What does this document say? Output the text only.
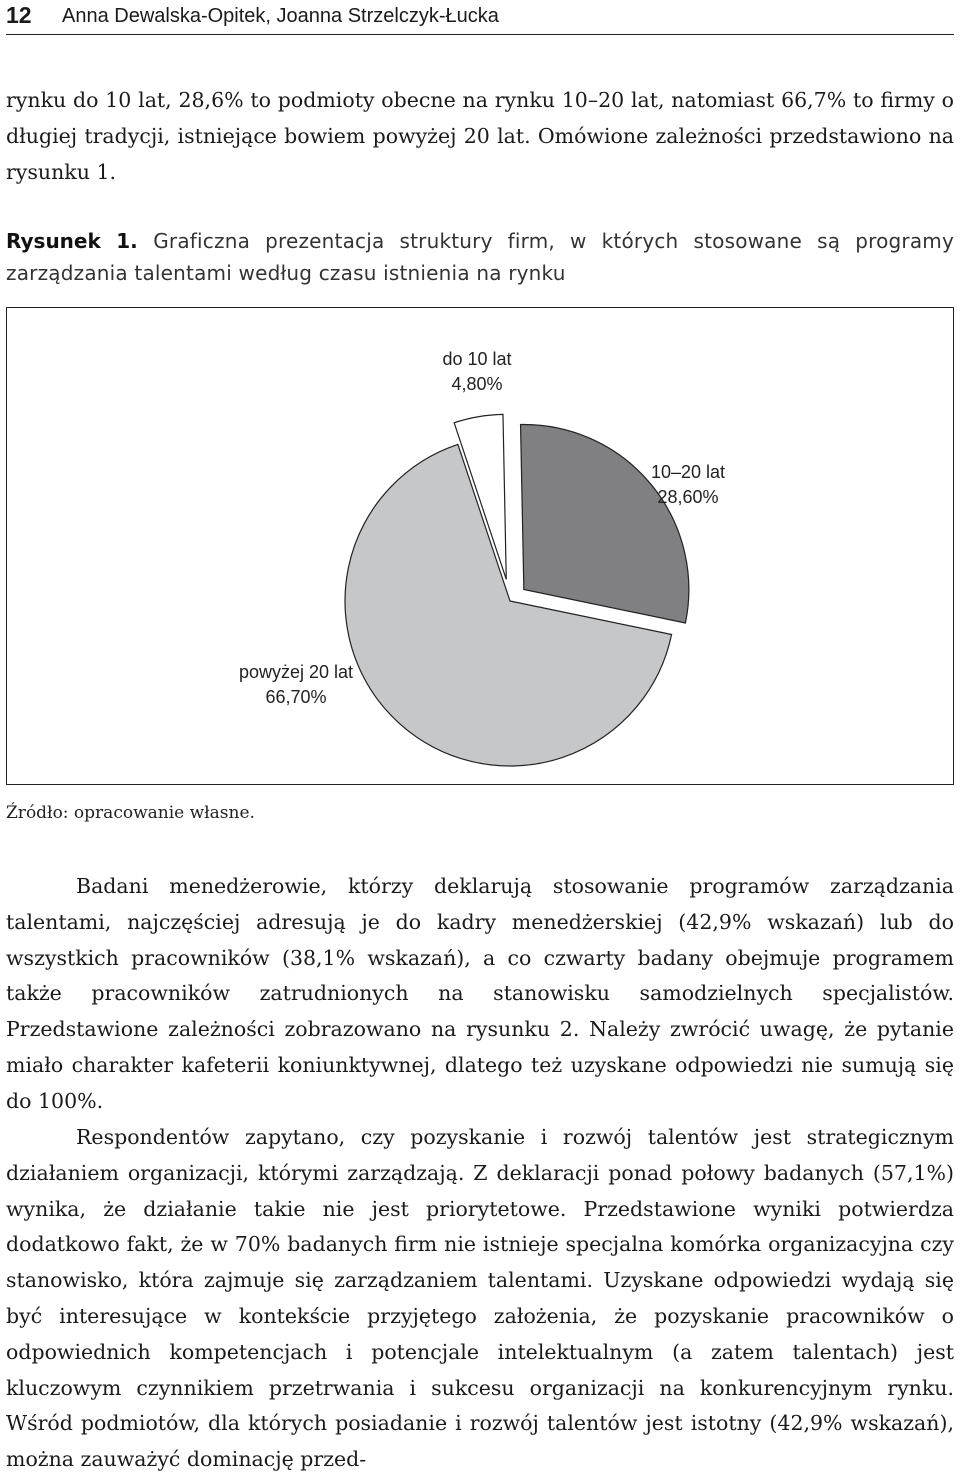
12 Anna Dewalska-Opitek, Joanna Strzelczyk-Łucka

rynku do 10 lat, 28,6% to podmioty obecne na rynku 10–20 lat, natomiast 66,7% to firmy o długiej tradycji, istniejące bowiem powyżej 20 lat. Omówione zależności przedstawiono na rysunku 1.

Rysunek 1. Graficzna prezentacja struktury firm, w których stosowane są programy zarządzania talentami według czasu istnienia na rynku

do 10 lat
4,80%
10–20 lat
28,60%
powyżej 20 lat
66,70%

Źródło: opracowanie własne.

Badani menedżerowie, którzy deklarują stosowanie programów zarządzania talentami, najczęściej adresują je do kadry menedżerskiej (42,9% wskazań) lub do wszystkich pracowników (38,1% wskazań), a co czwarty badany obejmuje programem także pracowników zatrudnionych na stanowisku samodzielnych specjalistów. Przedstawione zależności zobrazowano na rysunku 2. Należy zwrócić uwagę, że pytanie miało charakter kafeterii koniunktywnej, dlatego też uzyskane odpowiedzi nie sumują się do 100%.

Respondentów zapytano, czy pozyskanie i rozwój talentów jest strategicznym działaniem organizacji, którymi zarządzają. Z deklaracji ponad połowy badanych (57,1%) wynika, że działanie takie nie jest priorytetowe. Przedstawione wyniki potwierdza dodatkowo fakt, że w 70% badanych firm nie istnieje specjalna komórka organizacyjna czy stanowisko, która zajmuje się zarządzaniem talentami. Uzyskane odpowiedzi wydają się być interesujące w kontekście przyjętego założenia, że pozyskanie pracowników o odpowiednich kompetencjach i potencjale intelektualnym (a zatem talentach) jest kluczowym czynnikiem przetrwania i sukcesu organizacji na konkurencyjnym rynku. Wśród podmiotów, dla których posiadanie i rozwój talentów jest istotny (42,9% wskazań), można zauważyć dominację przed-
